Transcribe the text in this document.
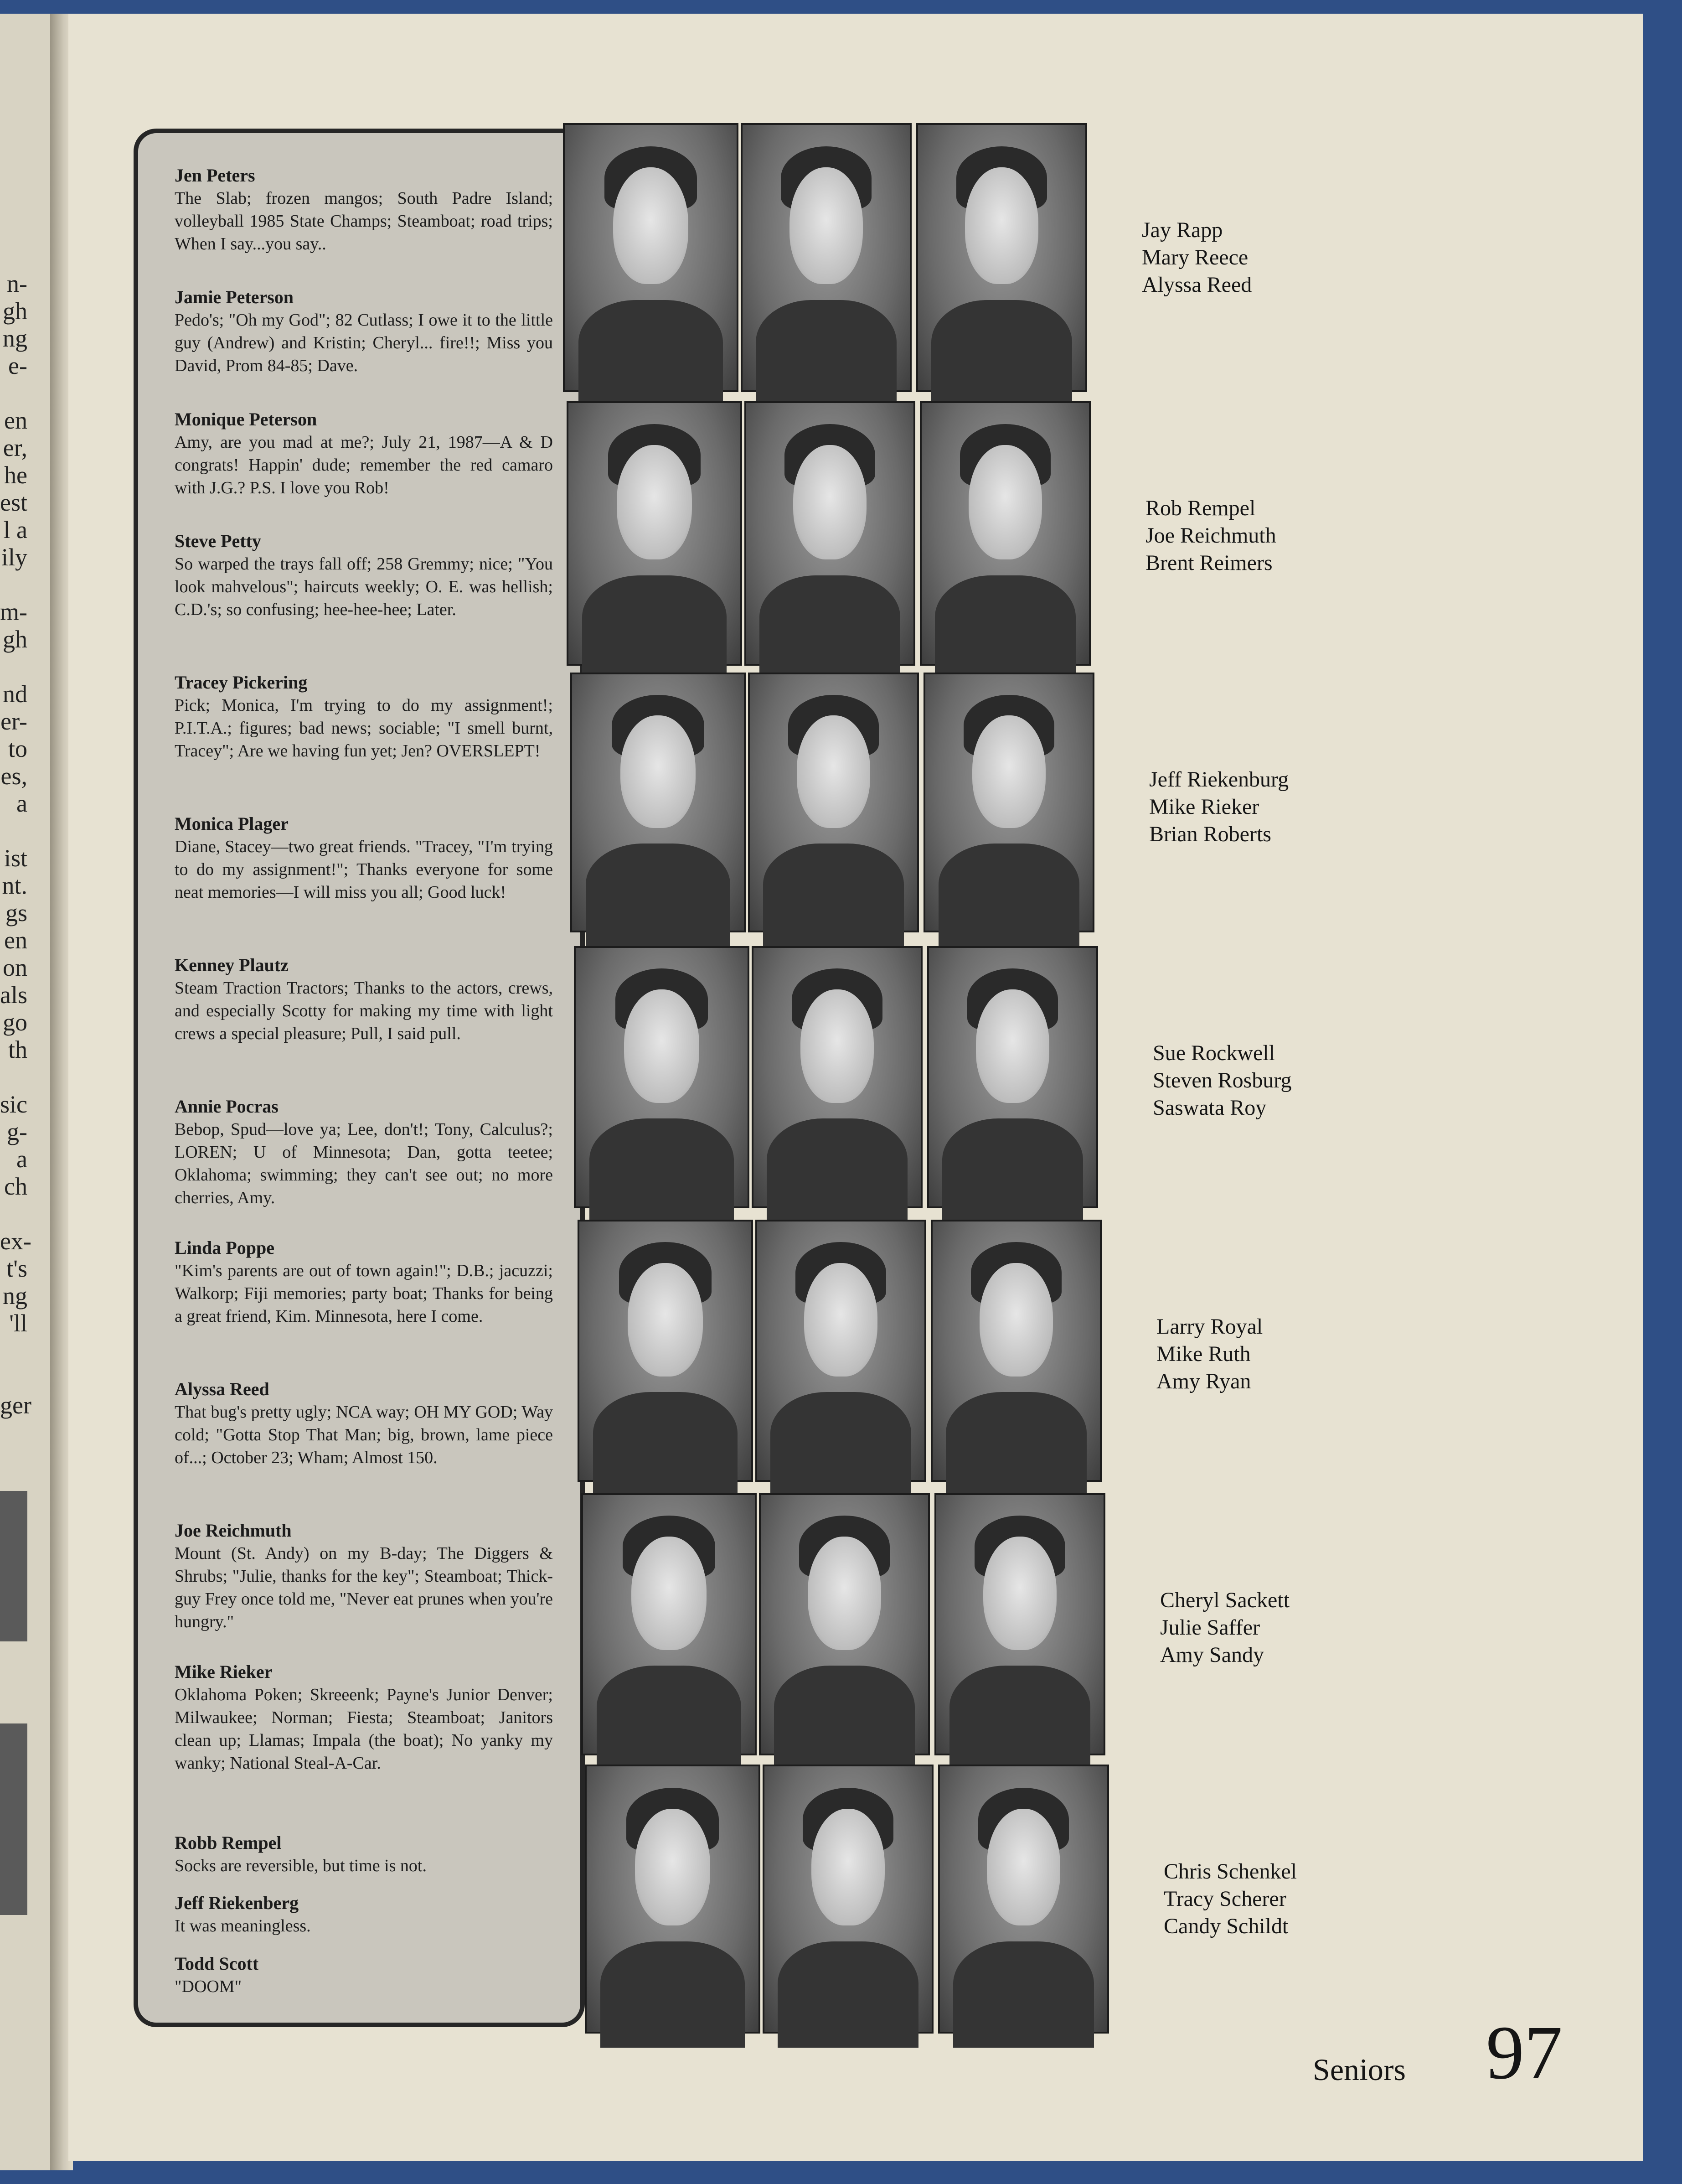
n-
gh
ng
e-
en
er,
he
est
l a
ily
m-
gh
nd
er-
to
es,
a
ist
nt.
gs
en
on
als
go
th
sic
g-
a
ch
ex-
t's
ng
'll
ger

Jen Peters

The Slab; frozen mangos; South Padre Island; volleyball 1985 State Champs; Steamboat; road trips; When I say...you say..

Jamie Peterson

Pedo's; "Oh my God"; 82 Cutlass; I owe it to the little guy (Andrew) and Kristin; Cheryl... fire!!; Miss you David, Prom 84-85; Dave.

Monique Peterson

Amy, are you mad at me?; July 21, 1987—A & D congrats! Happin' dude; remember the red camaro with J.G.? P.S. I love you Rob!

Steve Petty

So warped the trays fall off; 258 Gremmy; nice; "You look mahvelous"; haircuts weekly; O. E. was hellish; C.D.'s; so confusing; hee-hee-hee; Later.

Tracey Pickering

Pick; Monica, I'm trying to do my assignment!; P.I.T.A.; figures; bad news; sociable; "I smell burnt, Tracey"; Are we having fun yet; Jen? OVERSLEPT!

Monica Plager

Diane, Stacey—two great friends. "Tracey, "I'm trying to do my assignment!"; Thanks everyone for some neat memories—I will miss you all; Good luck!

Kenney Plautz

Steam Traction Tractors; Thanks to the actors, crews, and especially Scotty for making my time with light crews a special pleasure; Pull, I said pull.

Annie Pocras

Bebop, Spud—love ya; Lee, don't!; Tony, Calculus?; LOREN; U of Minnesota; Dan, gotta teetee; Oklahoma; swimming; they can't see out; no more cherries, Amy.

Linda Poppe

"Kim's parents are out of town again!"; D.B.; jacuzzi; Walkorp; Fiji memories; party boat; Thanks for being a great friend, Kim. Minnesota, here I come.

Alyssa Reed

That bug's pretty ugly; NCA way; OH MY GOD; Way cold; "Gotta Stop That Man; big, brown, lame piece of...; October 23; Wham; Almost 150.

Joe Reichmuth

Mount (St. Andy) on my B-day; The Diggers & Shrubs; "Julie, thanks for the key"; Steamboat; Thick-guy Frey once told me, "Never eat prunes when you're hungry."

Mike Rieker

Oklahoma Poken; Skreeenk; Payne's Junior Denver; Milwaukee; Norman; Fiesta; Steamboat; Janitors clean up; Llamas; Impala (the boat); No yanky my wanky; National Steal-A-Car.

Robb Rempel

Socks are reversible, but time is not.

Jeff Riekenberg

It was meaningless.

Todd Scott

"DOOM"

Jay Rapp
Mary Reece
Alyssa Reed
Rob Rempel
Joe Reichmuth
Brent Reimers
Jeff Riekenburg
Mike Rieker
Brian Roberts
Sue Rockwell
Steven Rosburg
Saswata Roy
Larry Royal
Mike Ruth
Amy Ryan
Cheryl Sackett
Julie Saffer
Amy Sandy
Chris Schenkel
Tracy Scherer
Candy Schildt
Seniors 97
